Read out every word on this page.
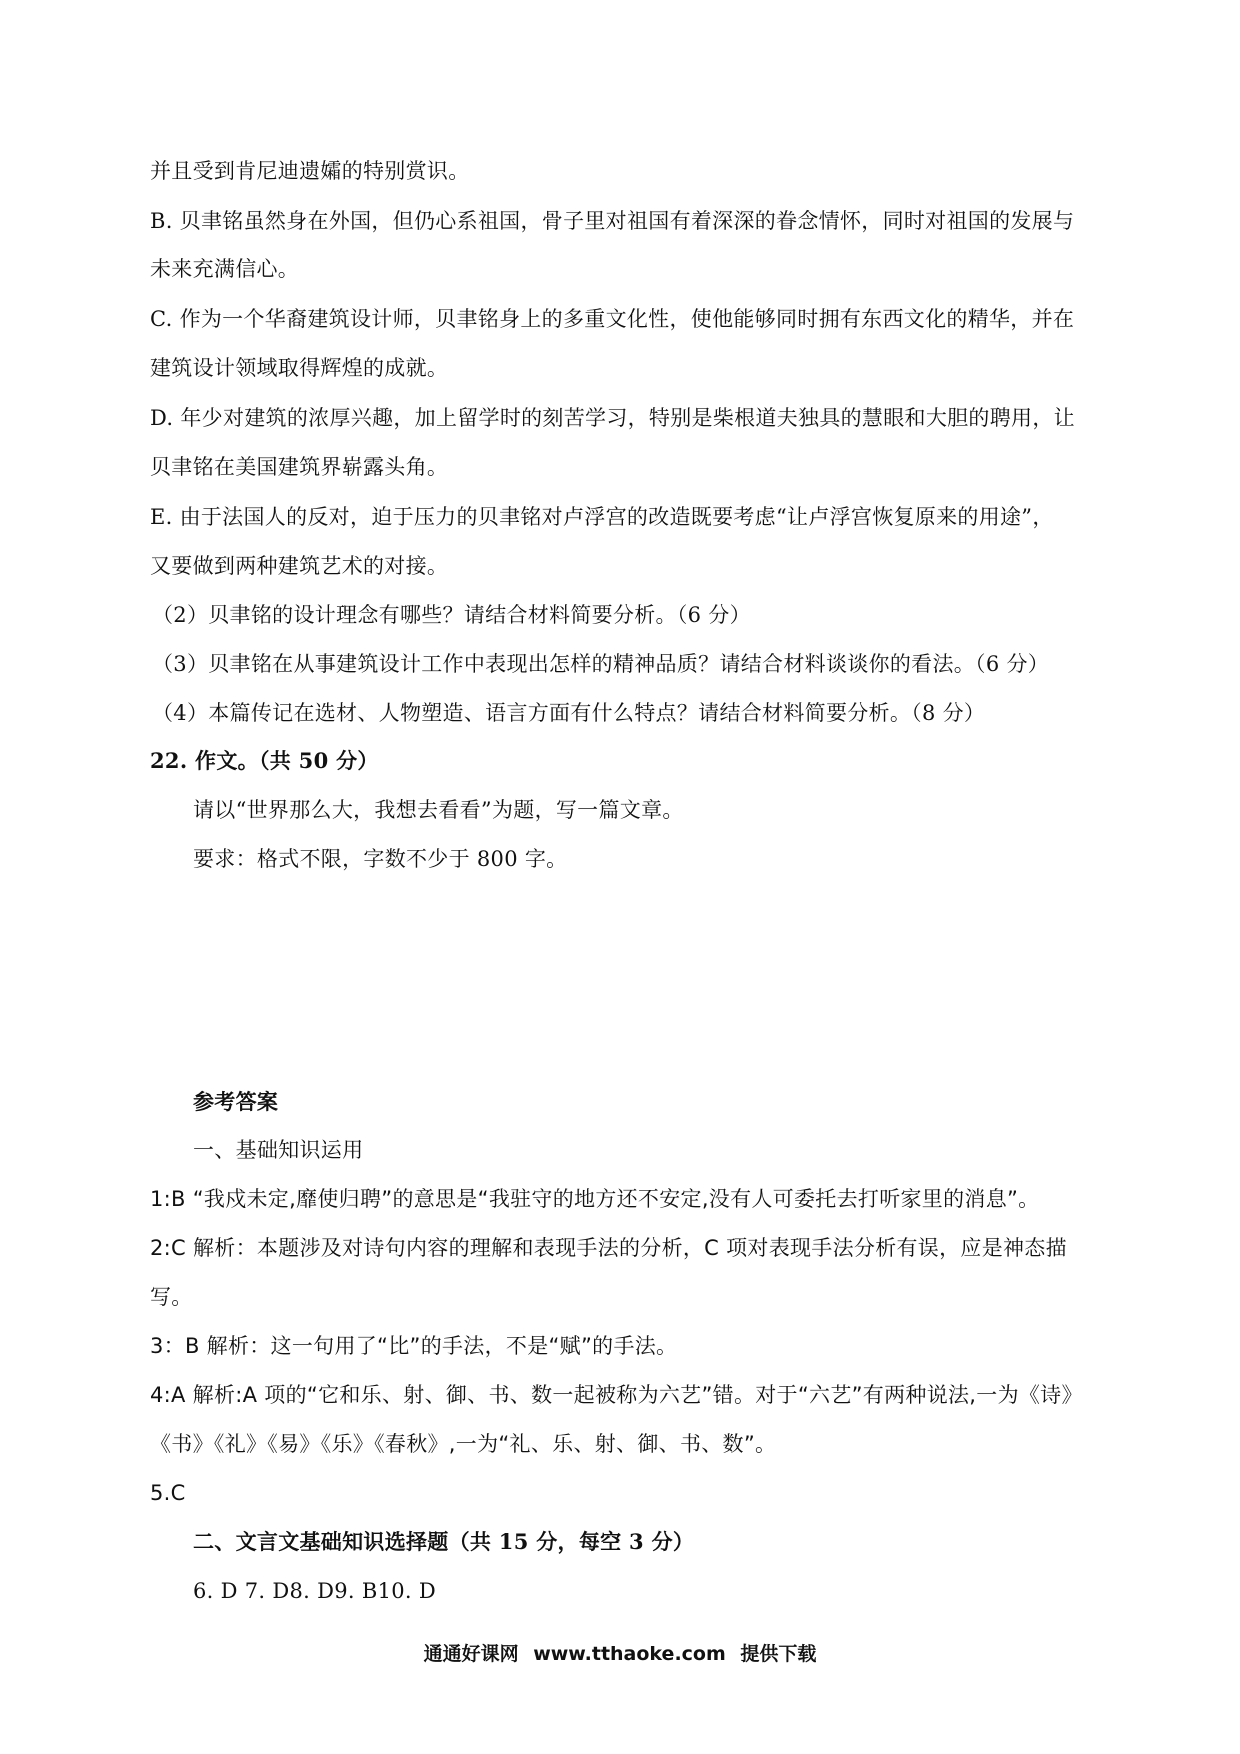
并且受到肯尼迪遗孀的特别赏识。
B. 贝聿铭虽然身在外国，但仍心系祖国，骨子里对祖国有着深深的眷念情怀，同时对祖国的发展与
未来充满信心。
C. 作为一个华裔建筑设计师，贝聿铭身上的多重文化性，使他能够同时拥有东西文化的精华，并在
建筑设计领域取得辉煌的成就。
D. 年少对建筑的浓厚兴趣，加上留学时的刻苦学习，特别是柴根道夫独具的慧眼和大胆的聘用，让
贝聿铭在美国建筑界崭露头角。
E. 由于法国人的反对，迫于压力的贝聿铭对卢浮宫的改造既要考虑“让卢浮宫恢复原来的用途”，
又要做到两种建筑艺术的对接。
（2）贝聿铭的设计理念有哪些？请结合材料简要分析。（6 分）
（3）贝聿铭在从事建筑设计工作中表现出怎样的精神品质？请结合材料谈谈你的看法。（6 分）
（4）本篇传记在选材、人物塑造、语言方面有什么特点？请结合材料简要分析。（8 分）
22. 作文。（共 50 分）
请以“世界那么大，我想去看看”为题，写一篇文章。
要求：格式不限，字数不少于 800 字。
参考答案
一、基础知识运用
1:B “我戍未定,靡使归聘”的意思是“我驻守的地方还不安定,没有人可委托去打听家里的消息”。
2:C 解析：本题涉及对诗句内容的理解和表现手法的分析，C 项对表现手法分析有误，应是神态描
写。
3：B 解析：这一句用了“比”的手法，不是“赋”的手法。
4:A 解析:A 项的“它和乐、射、御、书、数一起被称为六艺”错。对于“六艺”有两种说法,一为《诗》
《书》《礼》《易》《乐》《春秋》,一为“礼、乐、射、御、书、数”。
5.C
二、文言文基础知识选择题（共 15 分，每空 3 分）
6. D 7. D8. D9. B10. D
通通好课网 www.tthaoke.com 提供下载
